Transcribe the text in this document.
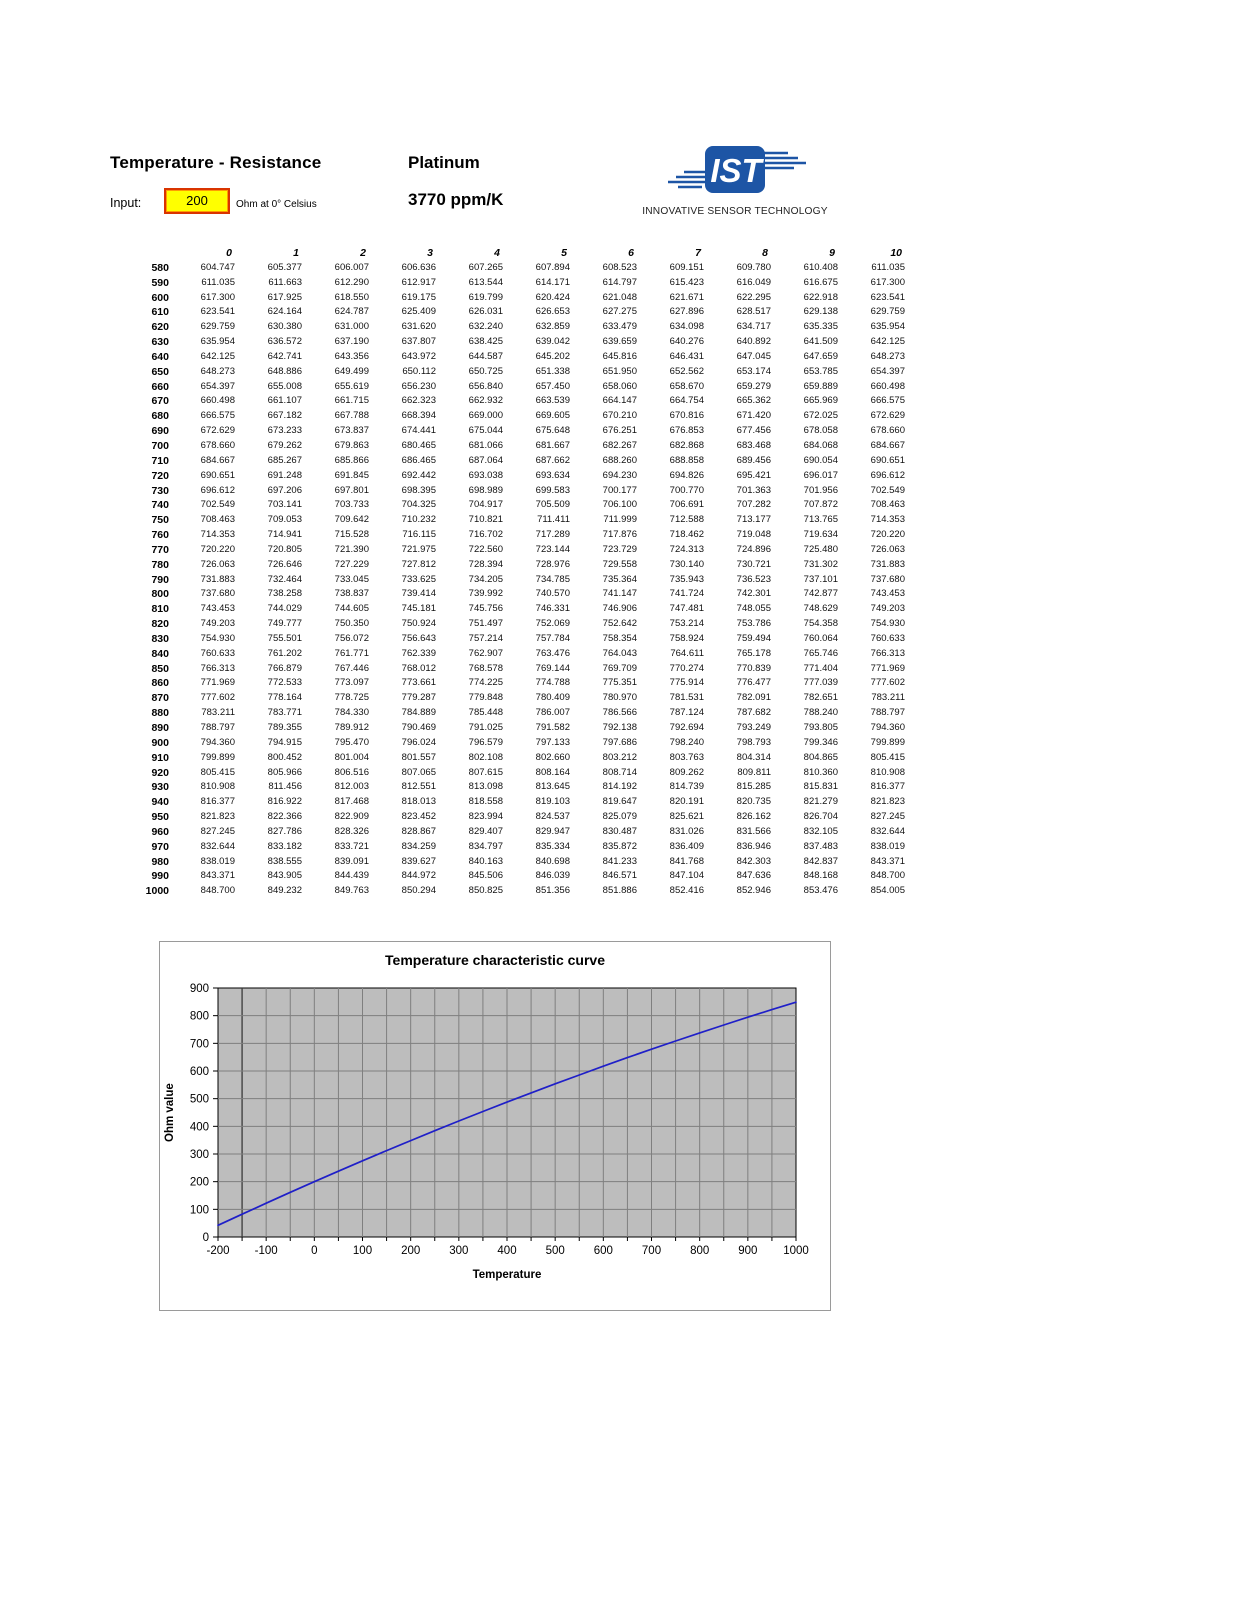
Temperature - Resistance	Platinum
Input:	200	Ohm at 0° Celsius	3770 ppm/K
IST
INNOVATIVE SENSOR TECHNOLOGY
	0	1	2	3	4	5	6	7	8	9	10
580	604.747	605.377	606.007	606.636	607.265	607.894	608.523	609.151	609.780	610.408	611.035
590	611.035	611.663	612.290	612.917	613.544	614.171	614.797	615.423	616.049	616.675	617.300
600	617.300	617.925	618.550	619.175	619.799	620.424	621.048	621.671	622.295	622.918	623.541
610	623.541	624.164	624.787	625.409	626.031	626.653	627.275	627.896	628.517	629.138	629.759
620	629.759	630.380	631.000	631.620	632.240	632.859	633.479	634.098	634.717	635.335	635.954
630	635.954	636.572	637.190	637.807	638.425	639.042	639.659	640.276	640.892	641.509	642.125
640	642.125	642.741	643.356	643.972	644.587	645.202	645.816	646.431	647.045	647.659	648.273
650	648.273	648.886	649.499	650.112	650.725	651.338	651.950	652.562	653.174	653.785	654.397
660	654.397	655.008	655.619	656.230	656.840	657.450	658.060	658.670	659.279	659.889	660.498
670	660.498	661.107	661.715	662.323	662.932	663.539	664.147	664.754	665.362	665.969	666.575
680	666.575	667.182	667.788	668.394	669.000	669.605	670.210	670.816	671.420	672.025	672.629
690	672.629	673.233	673.837	674.441	675.044	675.648	676.251	676.853	677.456	678.058	678.660
700	678.660	679.262	679.863	680.465	681.066	681.667	682.267	682.868	683.468	684.068	684.667
710	684.667	685.267	685.866	686.465	687.064	687.662	688.260	688.858	689.456	690.054	690.651
720	690.651	691.248	691.845	692.442	693.038	693.634	694.230	694.826	695.421	696.017	696.612
730	696.612	697.206	697.801	698.395	698.989	699.583	700.177	700.770	701.363	701.956	702.549
740	702.549	703.141	703.733	704.325	704.917	705.509	706.100	706.691	707.282	707.872	708.463
750	708.463	709.053	709.642	710.232	710.821	711.411	711.999	712.588	713.177	713.765	714.353
760	714.353	714.941	715.528	716.115	716.702	717.289	717.876	718.462	719.048	719.634	720.220
770	720.220	720.805	721.390	721.975	722.560	723.144	723.729	724.313	724.896	725.480	726.063
780	726.063	726.646	727.229	727.812	728.394	728.976	729.558	730.140	730.721	731.302	731.883
790	731.883	732.464	733.045	733.625	734.205	734.785	735.364	735.943	736.523	737.101	737.680
800	737.680	738.258	738.837	739.414	739.992	740.570	741.147	741.724	742.301	742.877	743.453
810	743.453	744.029	744.605	745.181	745.756	746.331	746.906	747.481	748.055	748.629	749.203
820	749.203	749.777	750.350	750.924	751.497	752.069	752.642	753.214	753.786	754.358	754.930
830	754.930	755.501	756.072	756.643	757.214	757.784	758.354	758.924	759.494	760.064	760.633
840	760.633	761.202	761.771	762.339	762.907	763.476	764.043	764.611	765.178	765.746	766.313
850	766.313	766.879	767.446	768.012	768.578	769.144	769.709	770.274	770.839	771.404	771.969
860	771.969	772.533	773.097	773.661	774.225	774.788	775.351	775.914	776.477	777.039	777.602
870	777.602	778.164	778.725	779.287	779.848	780.409	780.970	781.531	782.091	782.651	783.211
880	783.211	783.771	784.330	784.889	785.448	786.007	786.566	787.124	787.682	788.240	788.797
890	788.797	789.355	789.912	790.469	791.025	791.582	792.138	792.694	793.249	793.805	794.360
900	794.360	794.915	795.470	796.024	796.579	797.133	797.686	798.240	798.793	799.346	799.899
910	799.899	800.452	801.004	801.557	802.108	802.660	803.212	803.763	804.314	804.865	805.415
920	805.415	805.966	806.516	807.065	807.615	808.164	808.714	809.262	809.811	810.360	810.908
930	810.908	811.456	812.003	812.551	813.098	813.645	814.192	814.739	815.285	815.831	816.377
940	816.377	816.922	817.468	818.013	818.558	819.103	819.647	820.191	820.735	821.279	821.823
950	821.823	822.366	822.909	823.452	823.994	824.537	825.079	825.621	826.162	826.704	827.245
960	827.245	827.786	828.326	828.867	829.407	829.947	830.487	831.026	831.566	832.105	832.644
970	832.644	833.182	833.721	834.259	834.797	835.334	835.872	836.409	836.946	837.483	838.019
980	838.019	838.555	839.091	839.627	840.163	840.698	841.233	841.768	842.303	842.837	843.371
990	843.371	843.905	844.439	844.972	845.506	846.039	846.571	847.104	847.636	848.168	848.700
1000	848.700	849.232	849.763	850.294	850.825	851.356	851.886	852.416	852.946	853.476	854.005
Temperature characteristic curve
Ohm value
-200 -100	0	100	200	300	400	500	600	700	800	900 1000
0
100
200
300
400
500
600
700
800
900
Temperature
